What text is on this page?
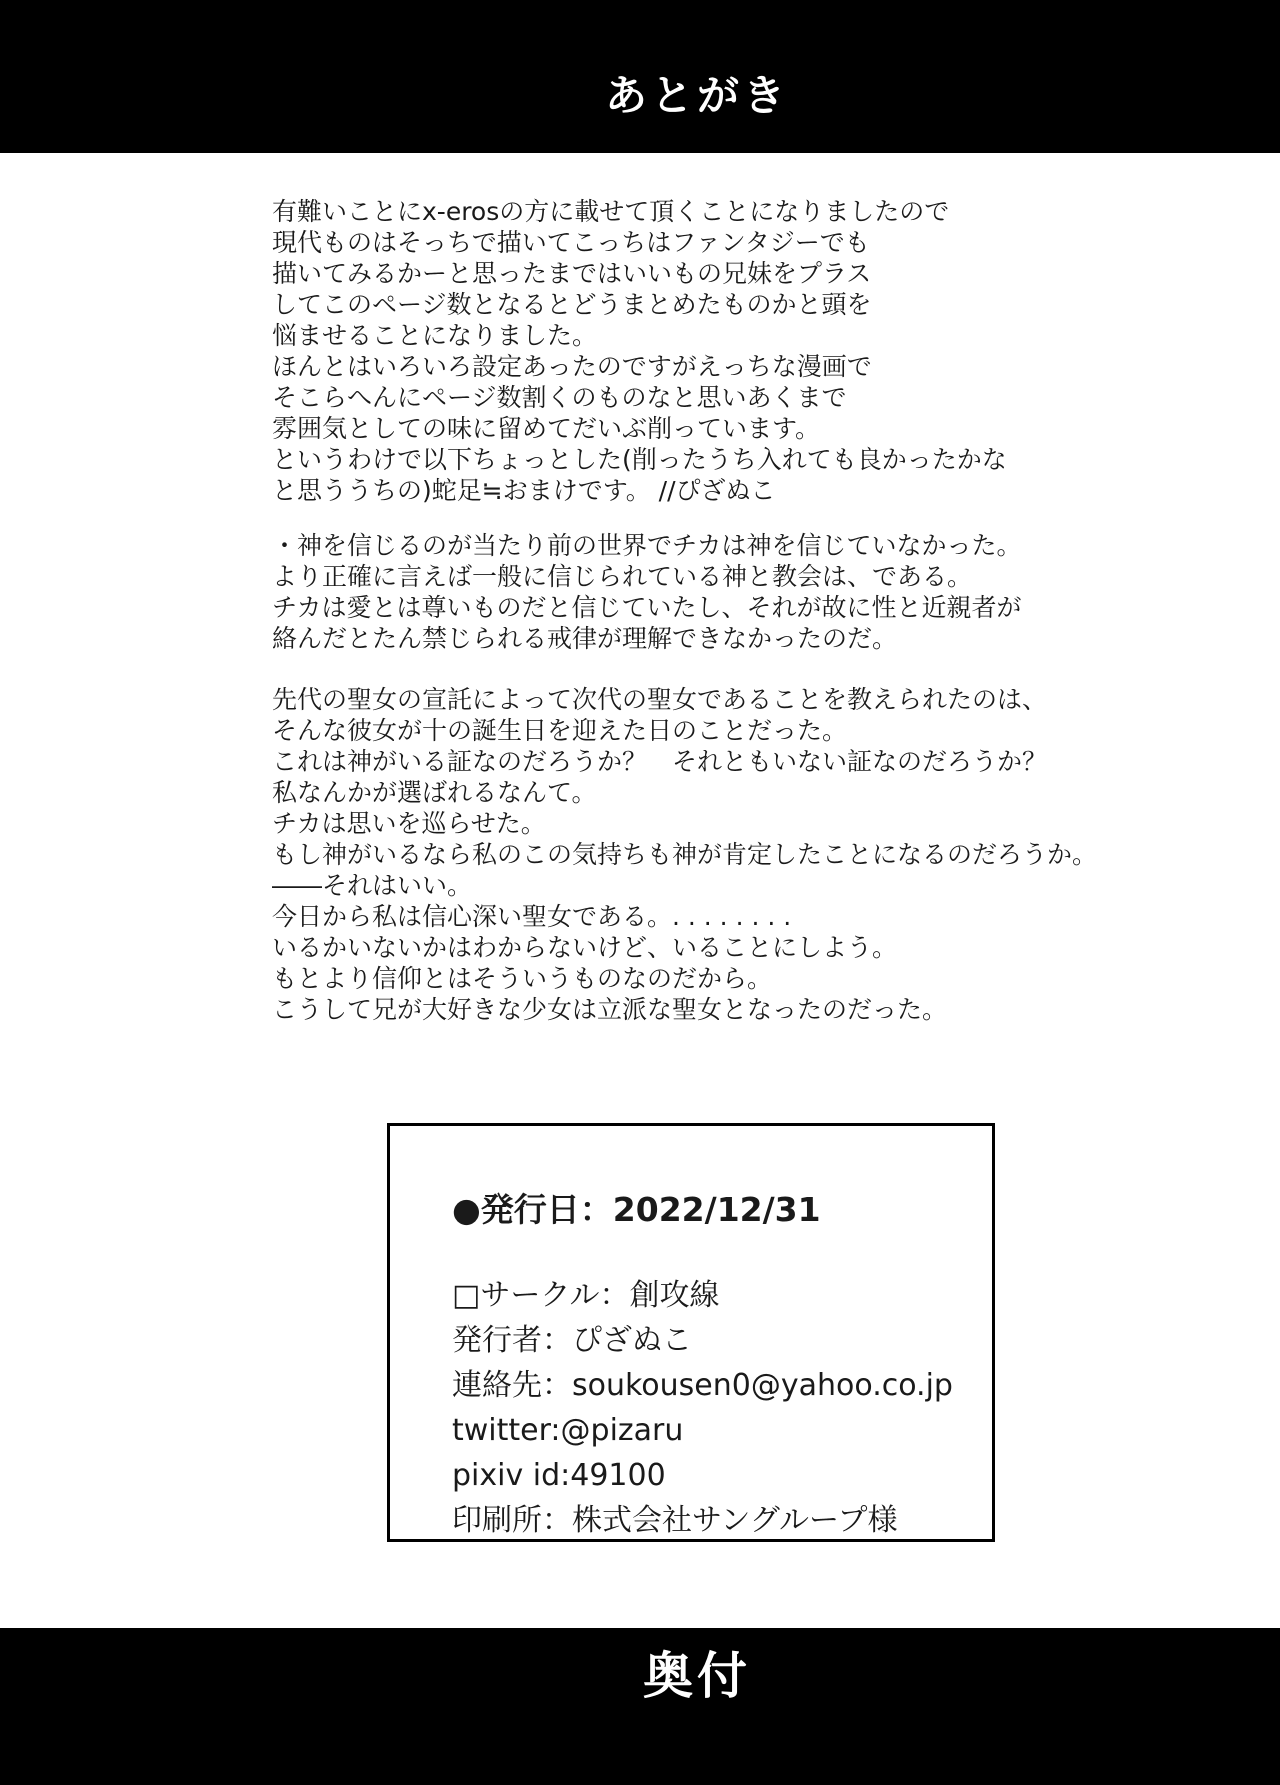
あとがき

有難いことにx-erosの方に載せて頂くことになりましたので
現代ものはそっちで描いてこっちはファンタジーでも
描いてみるかーと思ったまではいいもの兄妹をプラス
してこのページ数となるとどうまとめたものかと頭を
悩ませることになりました。
ほんとはいろいろ設定あったのですがえっちな漫画で
そこらへんにページ数割くのものなと思いあくまで
雰囲気としての味に留めてだいぶ削っています。
というわけで以下ちょっとした(削ったうち入れても良かったかな
と思ううちの)蛇足≒おまけです。 //ぴざぬこ

・神を信じるのが当たり前の世界でチカは神を信じていなかった。
より正確に言えば一般に信じられている神と教会は、である。
チカは愛とは尊いものだと信じていたし、それが故に性と近親者が
絡んだとたん禁じられる戒律が理解できなかったのだ。

先代の聖女の宣託によって次代の聖女であることを教えられたのは、
そんな彼女が十の誕生日を迎えた日のことだった。
これは神がいる証なのだろうか？　それともいない証なのだろうか？
私なんかが選ばれるなんて。
チカは思いを巡らせた。
もし神がいるなら私のこの気持ちも神が肯定したことになるのだろうか。
――それはいい。
今日から私は信心深い聖女である。. . . . . . . .
いるかいないかはわからないけど、いることにしよう。
もとより信仰とはそういうものなのだから。
こうして兄が大好きな少女は立派な聖女となったのだった。

●発行日：2022/12/31
□サークル：創攻線
発行者：ぴざぬこ
連絡先：soukousen0@yahoo.co.jp
twitter:@pizaru
pixiv id:49100
印刷所：株式会社サングループ様
奥付
